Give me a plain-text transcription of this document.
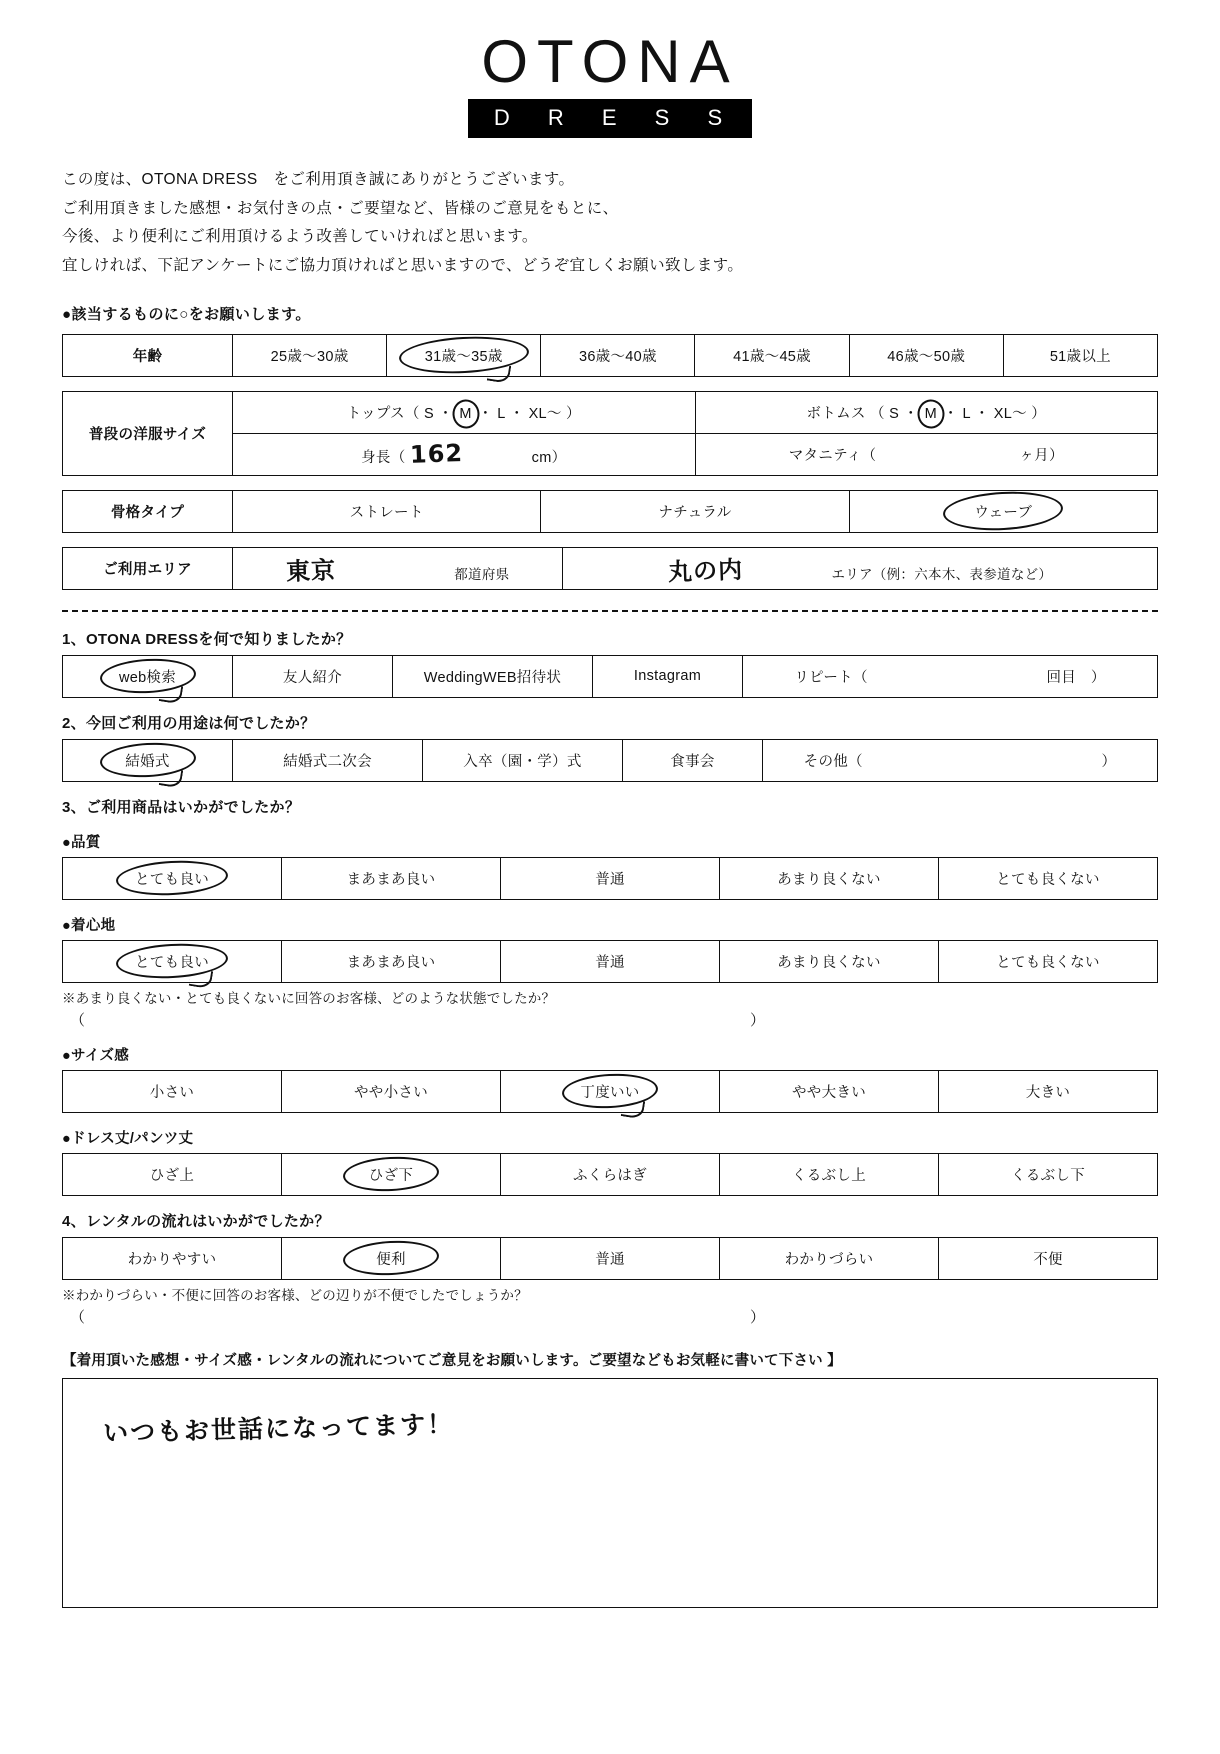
OTONA
D R E S S
この度は、OTONA DRESS　をご利用頂き誠にありがとうございます。
ご利用頂きました感想・お気付きの点・ご要望など、皆様のご意見をもとに、
今後、より便利にご利用頂けるよう改善していければと思います。
宜しければ、下記アンケートにご協力頂ければと思いますので、どうぞ宜しくお願い致します。
●該当するものに○をお願いします。
年齢	25歳〜30歳	31歳〜35歳	36歳〜40歳	41歳〜45歳	46歳〜50歳	51歳以上
普段の洋服サイズ	トップス（ S ・ M ・ L ・ XL〜 ）	ボトムス （ S ・ M ・ L ・ XL〜 ）
	身長（ 162 cm）	マタニティ（ ヶ月）
骨格タイプ	ストレート	ナチュラル	ウェーブ
ご利用エリア	東京	都道府県	丸の内	エリア（例：六本木、表参道など）
1、OTONA DRESSを何で知りましたか？
web検索	友人紹介	WeddingWEB招待状	Instagram	リピート（	回目　）
2、今回ご利用の用途は何でしたか？
結婚式	結婚式二次会	入卒（園・学）式	食事会	その他（	）
3、ご利用商品はいかがでしたか？
●品質
とても良い	まあまあ良い	普通	あまり良くない	とても良くない
●着心地
とても良い	まあまあ良い	普通	あまり良くない	とても良くない
※あまり良くない・とても良くないに回答のお客様、どのような状態でしたか？
（	）
●サイズ感
小さい	やや小さい	丁度いい	やや大きい	大きい
●ドレス丈/パンツ丈
ひざ上	ひざ下	ふくらはぎ	くるぶし上	くるぶし下
4、レンタルの流れはいかがでしたか？
わかりやすい	便利	普通	わかりづらい	不便
※わかりづらい・不便に回答のお客様、どの辺りが不便でしたでしょうか？
（	）
【着用頂いた感想・サイズ感・レンタルの流れについてご意見をお願いします。ご要望などもお気軽に書いて下さい 】
いつもお世話になってます！
